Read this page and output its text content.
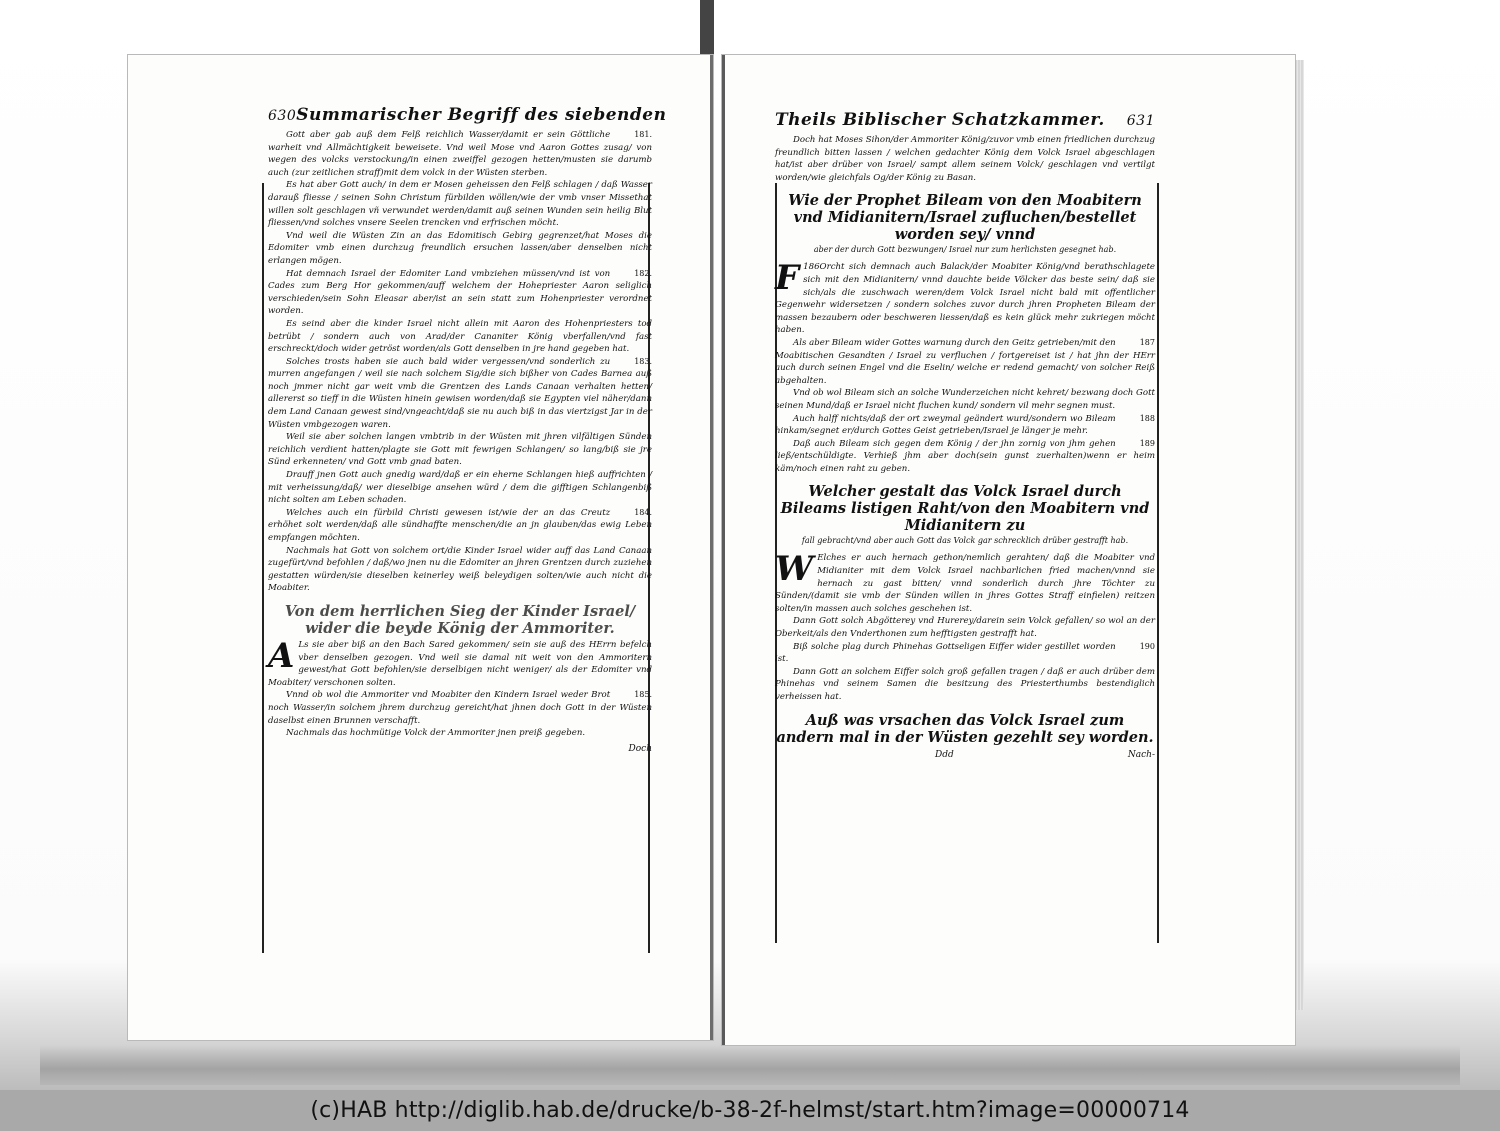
630 Summarischer Begriff des siebenden

181.
Gott aber gab auß dem Felß reichlich Wasser/damit er sein Göttliche warheit vnd Allmächtigkeit beweisete. Vnd weil Mose vnd Aaron Gottes zusag/ von wegen des volcks verstockung/in einen zweiffel gezogen hetten/musten sie darumb auch (zur zeitlichen straff)mit dem volck in der Wüsten sterben.

Es hat aber Gott auch/ in dem er Mosen geheissen den Felß schlagen / daß Wasser darauß fliesse / seinen Sohn Christum fürbilden wöllen/wie der vmb vnser Missethat willen solt geschlagen vñ verwundet werden/damit auß seinen Wunden sein heilig Blut fliessen/vnd solches vnsere Seelen trencken vnd erfrischen möcht.

Vnd weil die Wüsten Zin an das Edomitisch Gebirg gegrenzet/hat Moses die Edomiter vmb einen durchzug freundlich ersuchen lassen/aber denselben nicht erlangen mögen.

182.
Hat demnach Israel der Edomiter Land vmbziehen müssen/vnd ist von Cades zum Berg Hor gekommen/auff welchem der Hohepriester Aaron seliglich verschieden/sein Sohn Eleasar aber/ist an sein statt zum Hohenpriester verordnet worden.

Es seind aber die kinder Israel nicht allein mit Aaron des Hohenpriesters tod betrübt / sondern auch von Arad/der Cananiter König vberfallen/vnd fast erschreckt/doch wider getröst worden/als Gott denselben in jre hand gegeben hat.

183.
Solches trosts haben sie auch bald wider vergessen/vnd sonderlich zu murren angefangen / weil sie nach solchem Sig/die sich bißher von Cades Barnea auß noch jmmer nicht gar weit vmb die Grentzen des Lands Canaan verhalten hetten/ allererst so tieff in die Wüsten hinein gewisen worden/daß sie Egypten viel näher/dann dem Land Canaan gewest sind/vngeacht/daß sie nu auch biß in das viertzigst Jar in der Wüsten vmbgezogen waren.

Weil sie aber solchen langen vmbtrib in der Wüsten mit jhren vilfältigen Sünden reichlich verdient hatten/plagte sie Gott mit fewrigen Schlangen/ so lang/biß sie jre Sünd erkenneten/ vnd Gott vmb gnad baten.

Drauff jnen Gott auch gnedig ward/daß er ein eherne Schlangen hieß auffrichten / mit verheissung/daß/ wer dieselbige ansehen würd / dem die gifftigen Schlangenbiß nicht solten am Leben schaden.

184.
Welches auch ein fürbild Christi gewesen ist/wie der an das Creutz erhöhet solt werden/daß alle sündhaffte menschen/die an jn glauben/das ewig Leben empfangen möchten.

Nachmals hat Gott von solchem ort/die Kinder Israel wider auff das Land Canaan zugefürt/vnd befohlen / daß/wo jnen nu die Edomiter an jhren Grentzen durch zuziehen gestatten würden/sie dieselben keinerley weiß beleydigen solten/wie auch nicht die Moabiter.

Von dem herrlichen Sieg der Kinder Israel/ wider die beyde König der Ammoriter.

A Ls sie aber biß an den Bach Sared gekommen/ sein sie auß des HErrn befelch vber denselben gezogen. Vnd weil sie damal nit weit von den Ammoritern gewest/hat Gott befohlen/sie derselbigen nicht weniger/ als der Edomiter vnd Moabiter/ verschonen solten.

185.
Vnnd ob wol die Ammoriter vnd Moabiter den Kindern Israel weder Brot noch Wasser/in solchem jhrem durchzug gereicht/hat jhnen doch Gott in der Wüsten daselbst einen Brunnen verschafft.

Nachmals das hochmütige Volck der Ammoriter jnen preiß gegeben.

Doch
Theils Biblischer Schatzkammer. 631

Doch hat Moses Sihon/der Ammoriter König/zuvor vmb einen friedlichen durchzug freundlich bitten lassen / welchen gedachter König dem Volck Israel abgeschlagen hat/ist aber drüber von Israel/ sampt allem seinem Volck/ geschlagen vnd vertilgt worden/wie gleichfals Og/der König zu Basan.

Wie der Prophet Bileam von den Moabitern vnd Midianitern/Israel zufluchen/bestellet worden sey/ vnnd
aber der durch Gott bezwungen/ Israel nur zum herlichsten gesegnet hab.

F 186Orcht sich demnach auch Balack/der Moabiter König/vnd berathschlagete sich mit den Midianitern/ vnnd dauchte beide Völcker das beste sein/ daß sie sich/als die zuschwach weren/dem Volck Israel nicht bald mit offentlicher Gegenwehr widersetzen / sondern solches zuvor durch jhren Propheten Bileam der massen bezaubern oder beschweren liessen/daß es kein glück mehr zukriegen möcht haben.

187
Als aber Bileam wider Gottes warnung durch den Geitz getrieben/mit den Moabitischen Gesandten / Israel zu verfluchen / fortgereiset ist / hat jhn der HErr auch durch seinen Engel vnd die Eselin/ welche er redend gemacht/ von solcher Reiß abgehalten.

Vnd ob wol Bileam sich an solche Wunderzeichen nicht kehret/ bezwang doch Gott seinen Mund/daß er Israel nicht fluchen kund/ sondern vil mehr segnen must.

188
Auch halff nichts/daß der ort zweymal geändert wurd/sondern wo Bileam hinkam/segnet er/durch Gottes Geist getrieben/Israel je länger je mehr.

189
Daß auch Bileam sich gegen dem König / der jhn zornig von jhm gehen ließ/entschüldigte. Verhieß jhm aber doch(sein gunst zuerhalten)wenn er heim käm/noch einen raht zu geben.

Welcher gestalt das Volck Israel durch Bileams listigen Raht/von den Moabitern vnd Midianitern zu
fall gebracht/vnd aber auch Gott das Volck gar schrecklich drüber gestrafft hab.

W Elches er auch hernach gethon/nemlich gerahten/ daß die Moabiter vnd Midianiter mit dem Volck Israel nachbarlichen fried machen/vnnd sie hernach zu gast bitten/ vnnd sonderlich durch jhre Töchter zu Sünden/(damit sie vmb der Sünden willen in jhres Gottes Straff einfielen) reitzen solten/in massen auch solches geschehen ist.

Dann Gott solch Abgötterey vnd Hurerey/darein sein Volck gefallen/ so wol an der Oberkeit/als den Vnderthonen zum hefftigsten gestrafft hat.

190
Biß solche plag durch Phinehas Gottseligen Eiffer wider gestillet worden ist.

Dann Gott an solchem Eiffer solch groß gefallen tragen / daß er auch drüber dem Phinehas vnd seinem Samen die besitzung des Priesterthumbs bestendiglich verheissen hat.

Auß was vrsachen das Volck Israel zum andern mal in der Wüsten gezehlt sey worden.
Ddd	Nach-
(c)HAB http://diglib.hab.de/drucke/b-38-2f-helmst/start.htm?image=00000714
